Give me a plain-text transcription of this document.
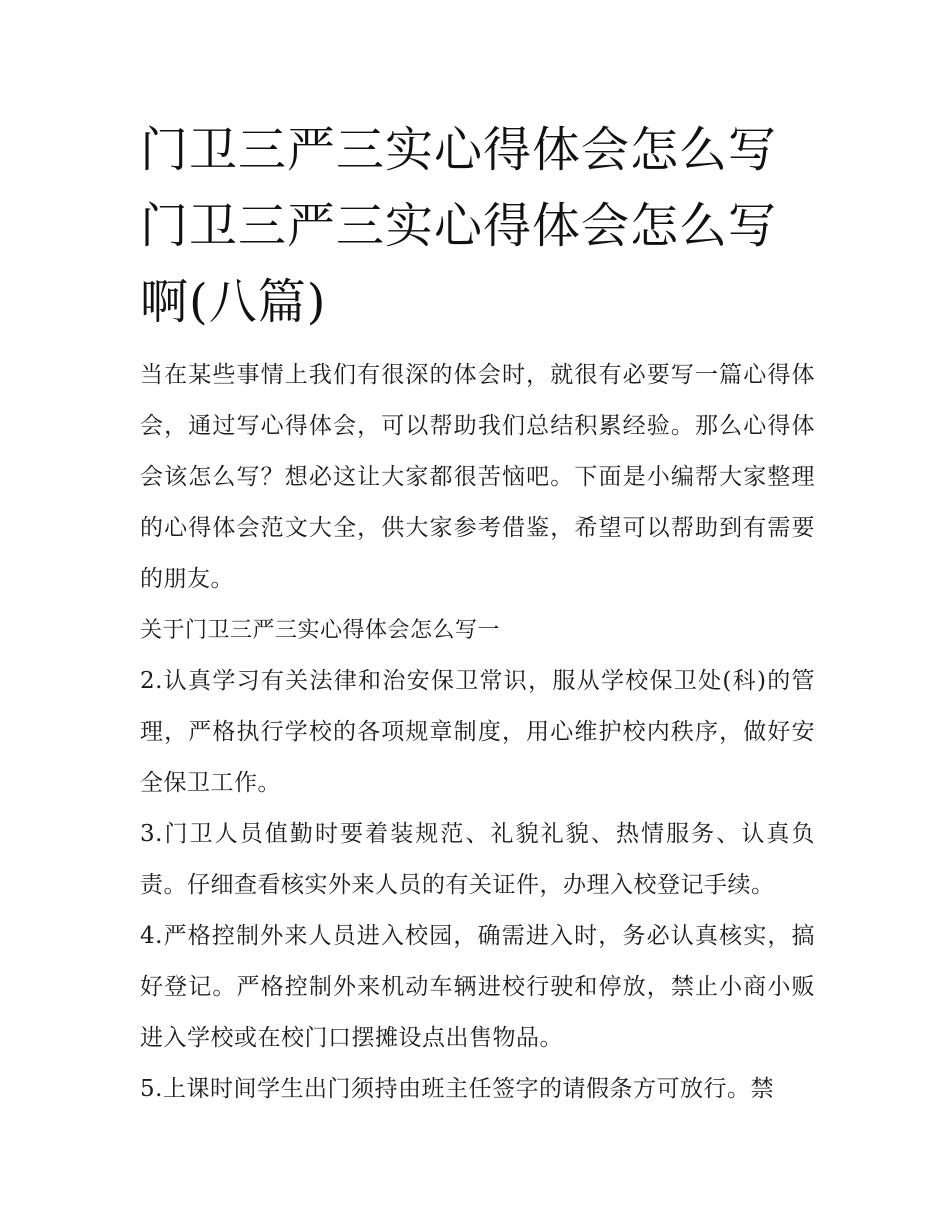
门卫三严三实心得体会怎么写
门卫三严三实心得体会怎么写
啊(八篇)

当在某些事情上我们有很深的体会时，就很有必要写一篇心得体会，通过写心得体会，可以帮助我们总结积累经验。那么心得体会该怎么写？想必这让大家都很苦恼吧。下面是小编帮大家整理的心得体会范文大全，供大家参考借鉴，希望可以帮助到有需要的朋友。

关于门卫三严三实心得体会怎么写一

2.认真学习有关法律和治安保卫常识，服从学校保卫处(科)的管理，严格执行学校的各项规章制度，用心维护校内秩序，做好安全保卫工作。

3.门卫人员值勤时要着装规范、礼貌礼貌、热情服务、认真负责。仔细查看核实外来人员的有关证件，办理入校登记手续。

4.严格控制外来人员进入校园，确需进入时，务必认真核实，搞好登记。严格控制外来机动车辆进校行驶和停放，禁止小商小贩进入学校或在校门口摆摊设点出售物品。

5.上课时间学生出门须持由班主任签字的请假条方可放行。禁
